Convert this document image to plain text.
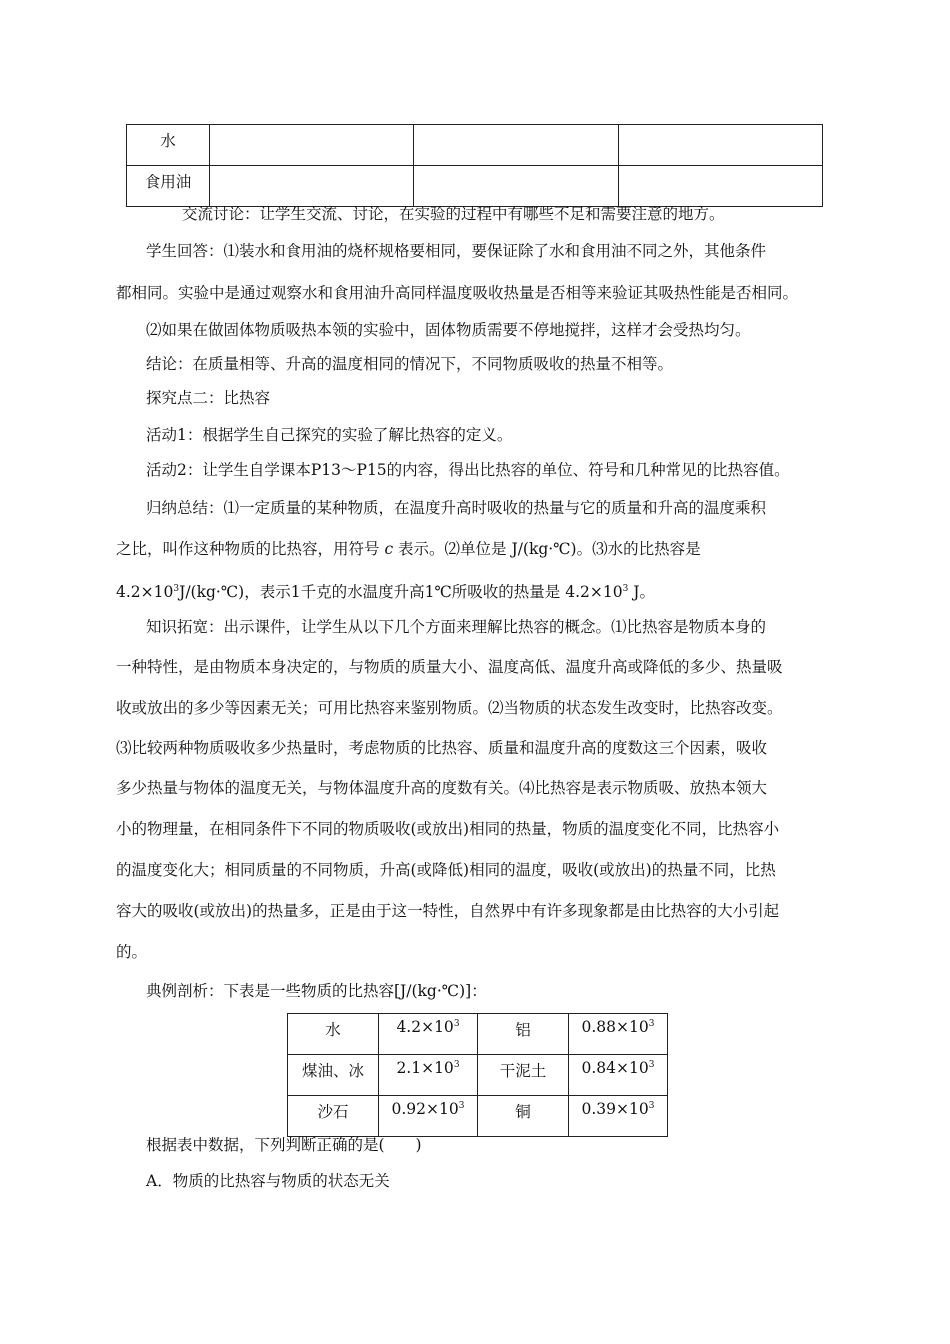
水			
食用油			
交流讨论：让学生交流、讨论，在实验的过程中有哪些不足和需要注意的地方。
学生回答：⑴装水和食用油的烧杯规格要相同，要保证除了水和食用油不同之外，其他条件
都相同。实验中是通过观察水和食用油升高同样温度吸收热量是否相等来验证其吸热性能是否相同。
⑵如果在做固体物质吸热本领的实验中，固体物质需要不停地搅拌，这样才会受热均匀。
结论：在质量相等、升高的温度相同的情况下，不同物质吸收的热量不相等。
探究点二：比热容
活动1：根据学生自己探究的实验了解比热容的定义。
活动2：让学生自学课本P13～P15的内容，得出比热容的单位、符号和几种常见的比热容值。
归纳总结：⑴一定质量的某种物质，在温度升高时吸收的热量与它的质量和升高的温度乘积
之比，叫作这种物质的比热容，用符号 c 表示。⑵单位是 J/(kg·℃)。⑶水的比热容是
$4.2\times 10^3J/(kg\cdot℃)$，表示1千克的水温度升高1℃所吸收的热量是 $4.2\times 10^3$ J。
知识拓宽：出示课件，让学生从以下几个方面来理解比热容的概念。⑴比热容是物质本身的
一种特性，是由物质本身决定的，与物质的质量大小、温度高低、温度升高或降低的多少、热量吸
收或放出的多少等因素无关；可用比热容来鉴别物质。⑵当物质的状态发生改变时，比热容改变。
⑶比较两种物质吸收多少热量时，考虑物质的比热容、质量和温度升高的度数这三个因素，吸收
多少热量与物体的温度无关，与物体温度升高的度数有关。⑷比热容是表示物质吸、放热本领大
小的物理量，在相同条件下不同的物质吸收(或放出)相同的热量，物质的温度变化不同，比热容小
的温度变化大；相同质量的不同物质，升高(或降低)相同的温度，吸收(或放出)的热量不同，比热
容大的吸收(或放出)的热量多，正是由于这一特性，自然界中有许多现象都是由比热容的大小引起
的。
典例剖析：下表是一些物质的比热容[J/(kg·℃)]：
水	$4.2\times 10^3$	铝	$0.88\times 10^3$
煤油、冰	$2.1\times 10^3$	干泥土	$0.84\times 10^3$
沙石	$0.92\times 10^3$	铜	$0.39\times 10^3$
根据表中数据，下列判断正确的是(　　)
A．物质的比热容与物质的状态无关
